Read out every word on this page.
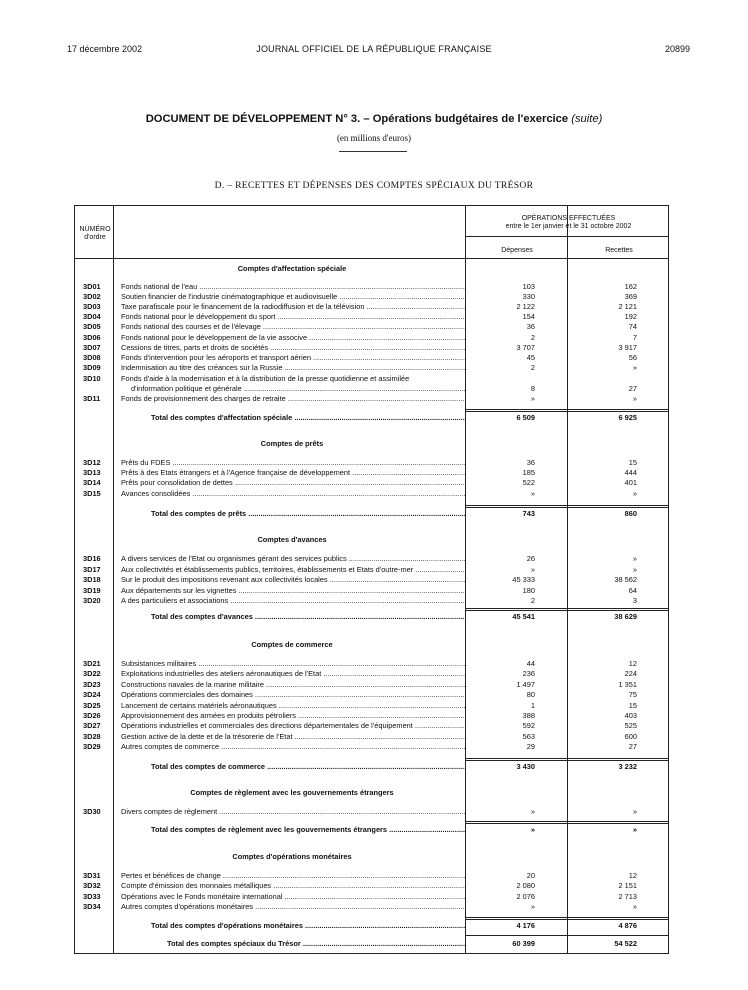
17 décembre 2002	JOURNAL OFFICIEL DE LA RÉPUBLIQUE FRANÇAISE	20899
DOCUMENT DE DÉVELOPPEMENT N° 3. – Opérations budgétaires de l'exercice (suite)
(en millions d'euros)
D. – RECETTES ET DÉPENSES DES COMPTES SPÉCIAUX DU TRÉSOR
NUMÉRO
d'ordre
OPÉRATIONS EFFECTUÉES
entre le 1er janvier et le 31 octobre 2002
Dépenses	Recettes
Comptes d'affectation spéciale
3D01	Fonds national de l'eau .....	103	162
3D02	Soutien financier de l'industrie cinématographique et audiovisuelle .....	330	369
3D03	Taxe parafiscale pour le financement de la radiodiffusion et de la télévision .....	2 122	2 121
3D04	Fonds national pour le développement du sport .....	154	192
3D05	Fonds national des courses et de l'élevage .....	36	74
3D06	Fonds national pour le développement de la vie associve .....	2	7
3D07	Cessions de titres, parts et droits de sociétés .....	3 707	3 917
3D08	Fonds d'intervention pour les aéroports et transport aérien .....	45	56
3D09	Indemnisation au titre des créances sur la Russie .....	2	»
3D10	Fonds d'aide à la modernisation et à la distribution de la presse quotidienne et assimilée
d'information politique et générale .....	8	27
3D11	Fonds de provisionnement des charges de retraite .....	»	»
Total des comptes d'affectation spéciale .....	6 509	6 925
Comptes de prêts
3D12	Prêts du FDES .....	36	15
3D13	Prêts à des Etats étrangers et à l'Agence française de développement .....	185	444
3D14	Prêts pour consolidation de dettes .....	522	401
3D15	Avances consolidées .....	»	»
Total des comptes de prêts .....	743	860
Comptes d'avances
3D16	A divers services de l'Etat ou organismes gérant des services publics .....	26	»
3D17	Aux collectivités et établissements publics, territoires, établissements et Etats d'outre-mer .....	»	»
3D18	Sur le produit des impositions revenant aux collectivités locales .....	45 333	38 562
3D19	Aux départements sur les vignettes .....	180	64
3D20	A des particuliers et associations .....	2	3
Total des comptes d'avances .....	45 541	38 629
Comptes de commerce
3D21	Subsistances militaires .....	44	12
3D22	Exploitations industrielles des ateliers aéronautiques de l'Etat .....	236	224
3D23	Constructions navales de la marine militaire .....	1 497	1 351
3D24	Opérations commerciales des domaines .....	80	75
3D25	Lancement de certains matériels aéronautiques .....	1	15
3D26	Approvisionnement des armées en produits pétroliers .....	388	403
3D27	Opérations industrielles et commerciales des directions départementales de l'équipement .....	592	525
3D28	Gestion active de la dette et de la trésorerie de l'Etat .....	563	600
3D29	Autres comptes de commerce .....	29	27
Total des comptes de commerce .....	3 430	3 232
Comptes de règlement avec les gouvernements étrangers
3D30	Divers comptes de règlement .....	»	»
Total des comptes de règlement avec les gouvernements étrangers .....	»	»
Comptes d'opérations monétaires
3D31	Pertes et bénéfices de change .....	20	12
3D32	Compte d'émission des monnaies métalliques .....	2 080	2 151
3D33	Opérations avec le Fonds monétaire international .....	2 076	2 713
3D34	Autres comptes d'opérations monétaires .....	»	»
Total des comptes d'opérations monétaires .....	4 176	4 876
Total des comptes spéciaux du Trésor .....	60 399	54 522
